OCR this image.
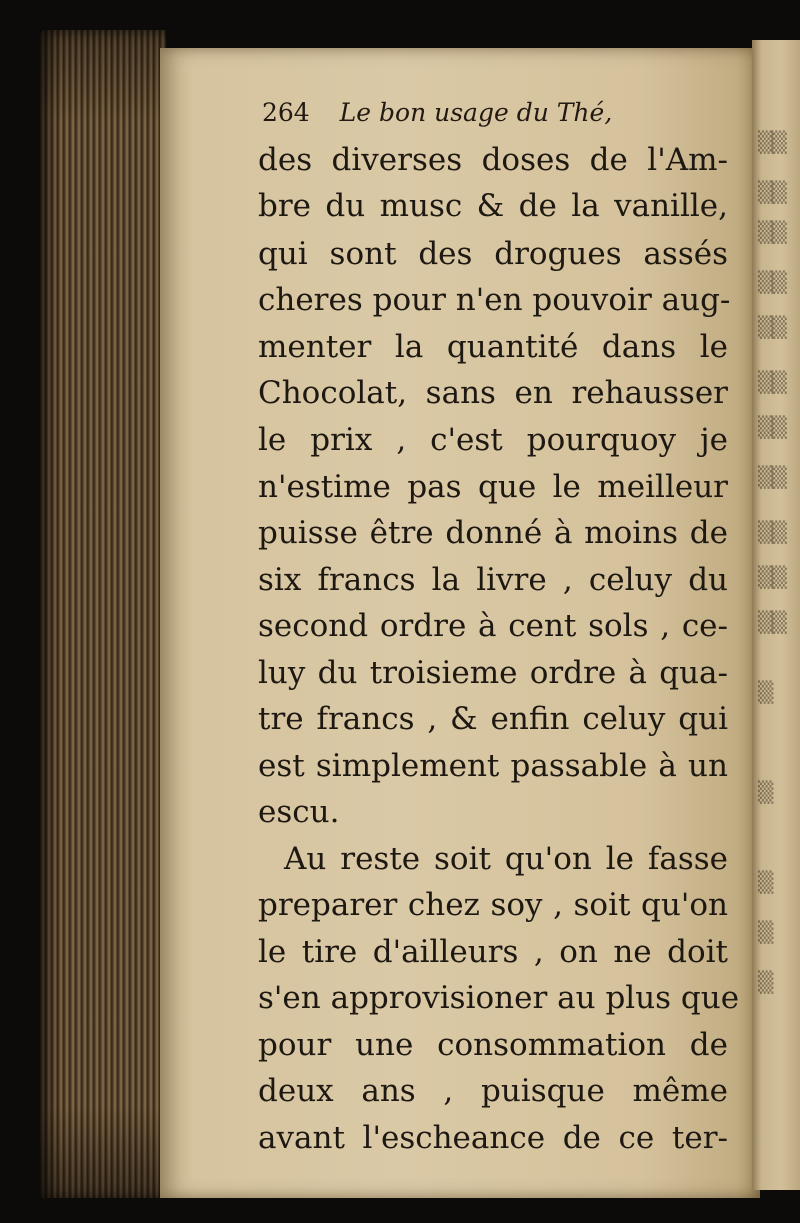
▒▒
▒▒
▒▒
▒▒
▒▒
▒▒
▒▒
▒▒
▒▒
▒▒
▒▒
▒
▒
▒
▒
▒
264 Le bon usage du Thé,
des diverses doses de l'Am-
bre du musc & de la vanille,
qui sont des drogues assés
cheres pour n'en pouvoir aug-
menter la quantité dans le
Chocolat, sans en rehausser
le prix , c'est pourquoy je
n'estime pas que le meilleur
puisse être donné à moins de
six francs la livre , celuy du
second ordre à cent sols , ce-
luy du troisieme ordre à qua-
tre francs , & enfin celuy qui
est simplement passable à un
escu.
Au reste soit qu'on le fasse
preparer chez soy , soit qu'on
le tire d'ailleurs , on ne doit
s'en approvisioner au plus que
pour une consommation de
deux ans , puisque même
avant l'escheance de ce ter-
